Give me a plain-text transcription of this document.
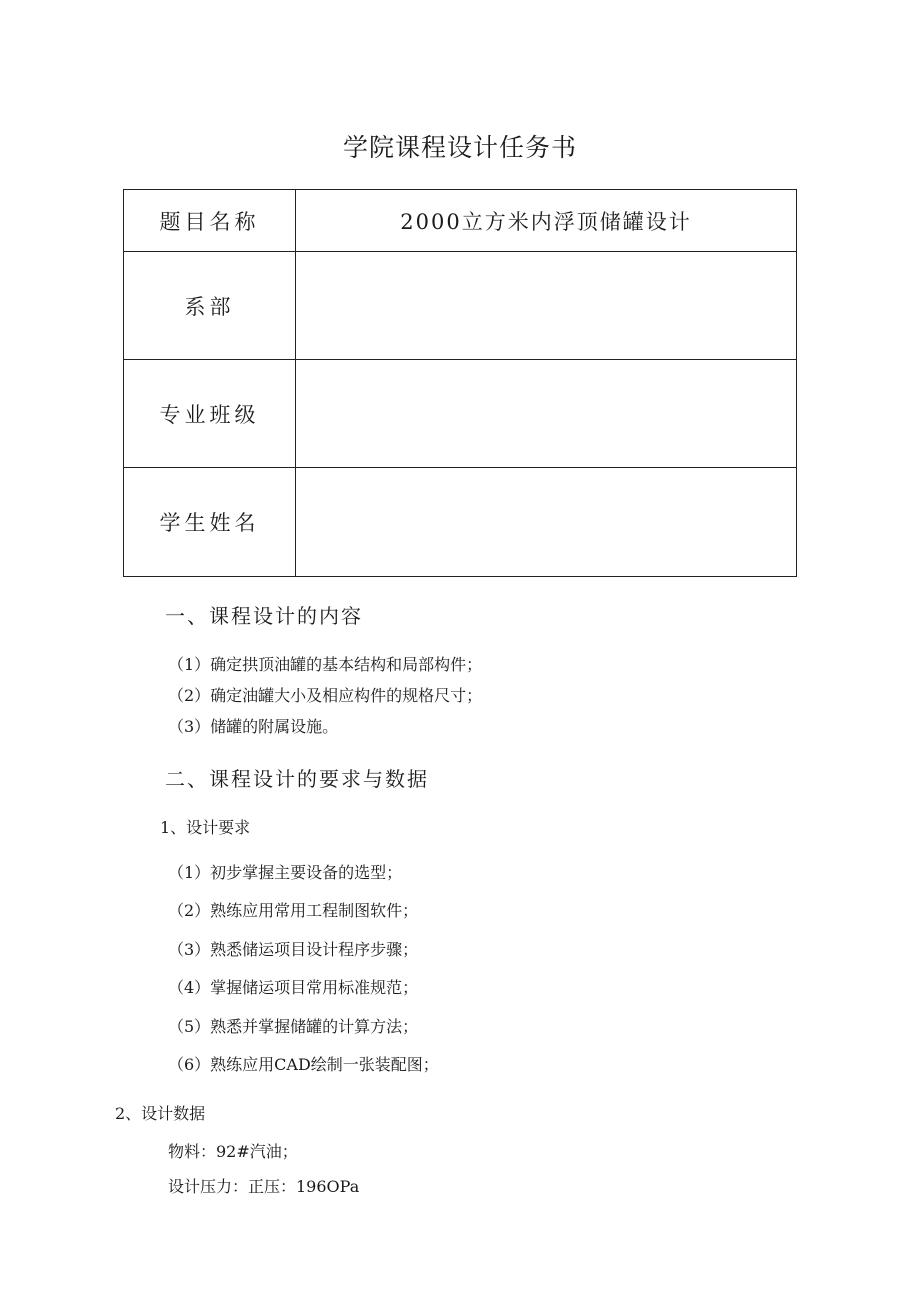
学院课程设计任务书
题目名称	2000立方米内浮顶储罐设计
系部	
专业班级	
学生姓名	
一、课程设计的内容
（1）确定拱顶油罐的基本结构和局部构件；
（2）确定油罐大小及相应构件的规格尺寸；
（3）储罐的附属设施。
二、课程设计的要求与数据
1、设计要求
（1）初步掌握主要设备的选型；
（2）熟练应用常用工程制图软件；
（3）熟悉储运项目设计程序步骤；
（4）掌握储运项目常用标准规范；
（5）熟悉并掌握储罐的计算方法；
（6）熟练应用CAD绘制一张装配图；
2、设计数据
物料：92#汽油；
设计压力：正压：196OPa
